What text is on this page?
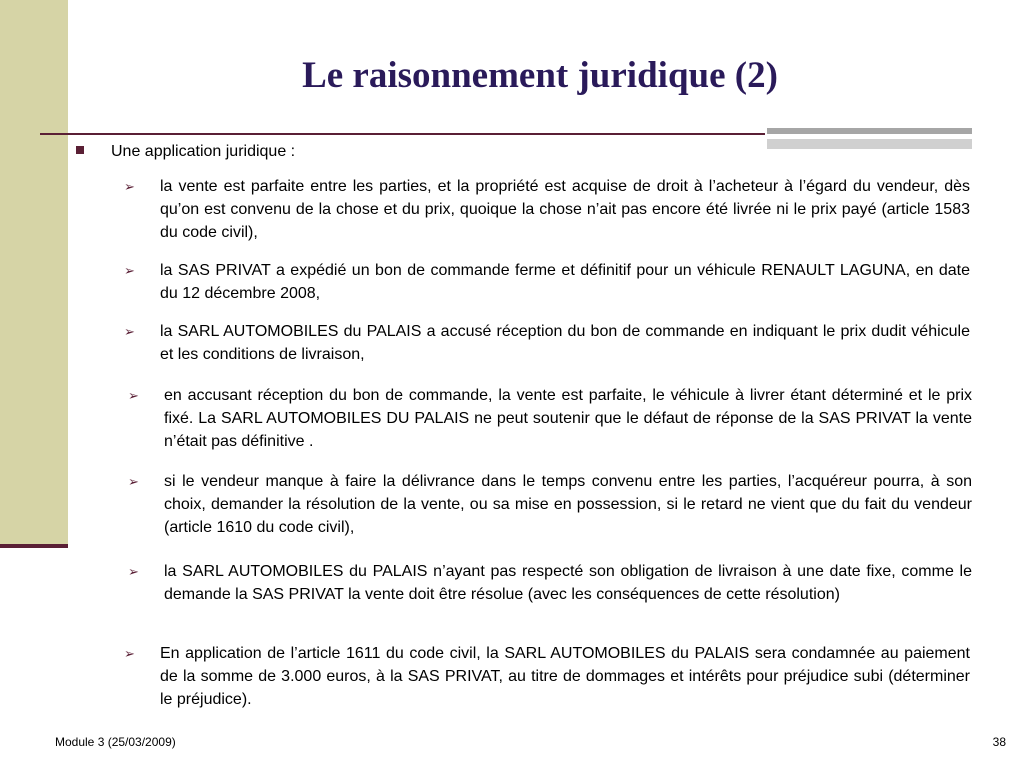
Le raisonnement juridique (2)
Une application juridique :
➢ la vente est parfaite entre les parties, et la propriété est acquise de droit à l’acheteur à l’égard du vendeur, dès qu’on est convenu de la chose et du prix, quoique la chose n’ait pas encore été livrée ni le prix payé (article 1583 du code civil),
➢ la SAS PRIVAT a expédié un bon de commande ferme et définitif pour un véhicule RENAULT LAGUNA, en date du 12 décembre 2008,
➢ la SARL AUTOMOBILES du PALAIS a accusé réception du bon de commande en indiquant le prix dudit véhicule et les conditions de livraison,
➢ en accusant réception du bon de commande, la vente est parfaite, le véhicule à livrer étant déterminé et le prix fixé. La SARL AUTOMOBILES DU PALAIS ne peut soutenir que le défaut de réponse de la SAS PRIVAT la vente n’était pas définitive .
➢ si le vendeur manque à faire la délivrance dans le temps convenu entre les parties, l’acquéreur pourra, à son choix, demander la résolution de la vente, ou sa mise en possession, si le retard ne vient que du fait du vendeur (article 1610 du code civil),
➢ la SARL AUTOMOBILES du PALAIS n’ayant pas respecté son obligation de livraison à une date fixe, comme le demande la SAS PRIVAT la vente doit être résolue (avec les conséquences de cette résolution)
➢ En application de l’article 1611 du code civil, la SARL AUTOMOBILES du PALAIS sera condamnée au paiement de la somme de 3.000 euros, à la SAS PRIVAT, au titre de dommages et intérêts pour préjudice subi (déterminer le préjudice).
Module 3 (25/03/2009)	38
